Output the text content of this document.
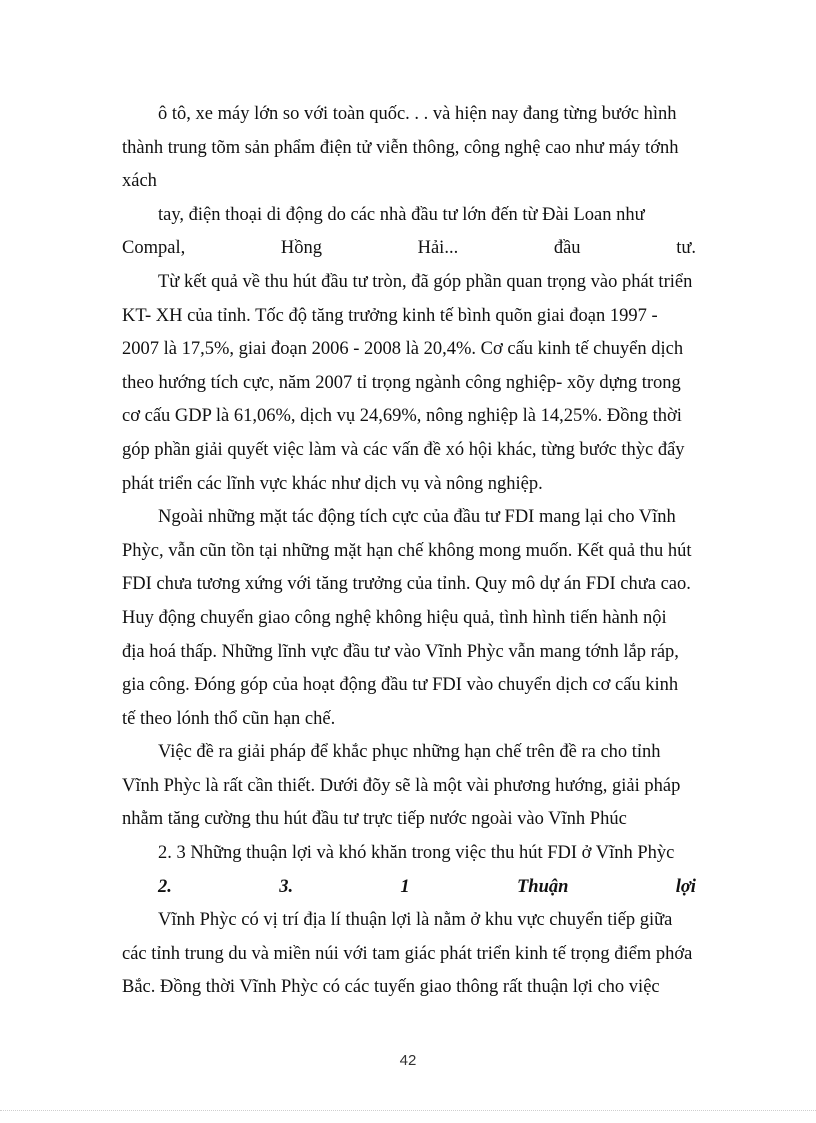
ô tô, xe máy lớn so với toàn quốc. . . và hiện nay đang từng bước hình
thành trung tõm sản phẩm điện tử viễn thông, công nghệ cao như máy tớnh
xách
tay, điện thoại di động do các nhà đầu tư lớn đến từ Đài Loan như
Compal, Hồng Hải... đầu tư.
Từ kết quả về thu hút đầu tư tròn, đã góp phần quan trọng vào phát triển
KT- XH của tỉnh. Tốc độ tăng trưởng kinh tế bình quõn giai đoạn 1997 -
2007 là 17,5%, giai đoạn 2006 - 2008 là 20,4%. Cơ cấu kinh tế chuyển dịch
theo hướng tích cực, năm 2007 tỉ trọng ngành công nghiệp- xõy dựng trong
cơ cấu GDP là 61,06%, dịch vụ 24,69%, nông nghiệp là 14,25%. Đồng thời
góp phần giải quyết việc làm và các vấn đề xó hội khác, từng bước thỳc đẩy
phát triển các lĩnh vực khác như dịch vụ và nông nghiệp.
Ngoài những mặt tác động tích cực của đầu tư FDI mang lại cho Vĩnh
Phỳc, vẫn cũn tồn tại những mặt hạn chế không mong muốn. Kết quả thu hút
FDI chưa tương xứng với tăng trưởng của tỉnh. Quy mô dự án FDI chưa cao.
Huy động chuyển giao công nghệ không hiệu quả, tình hình tiến hành nội
địa hoá thấp. Những lĩnh vực đầu tư vào Vĩnh Phỳc vẫn mang tớnh lắp ráp,
gia công. Đóng góp của hoạt động đầu tư FDI vào chuyển dịch cơ cấu kinh
tế theo lónh thổ cũn hạn chế.
Việc đề ra giải pháp để khắc phục những hạn chế trên đề ra cho tỉnh
Vĩnh Phỳc là rất cần thiết. Dưới đõy sẽ là một vài phương hướng, giải pháp
nhằm tăng cường thu hút đầu tư trực tiếp nước ngoài vào Vĩnh Phúc
2. 3 Những thuận lợi và khó khăn trong việc thu hút FDI ở Vĩnh Phỳc
2.	3.	1	Thuận	lợi
Vĩnh Phỳc có vị trí địa lí thuận lợi là nằm ở khu vực chuyển tiếp giữa
các tỉnh trung du và miền núi với tam giác phát triển kinh tế trọng điểm phớa
Bắc. Đồng thời Vĩnh Phỳc có các tuyến giao thông rất thuận lợi cho việc
42
